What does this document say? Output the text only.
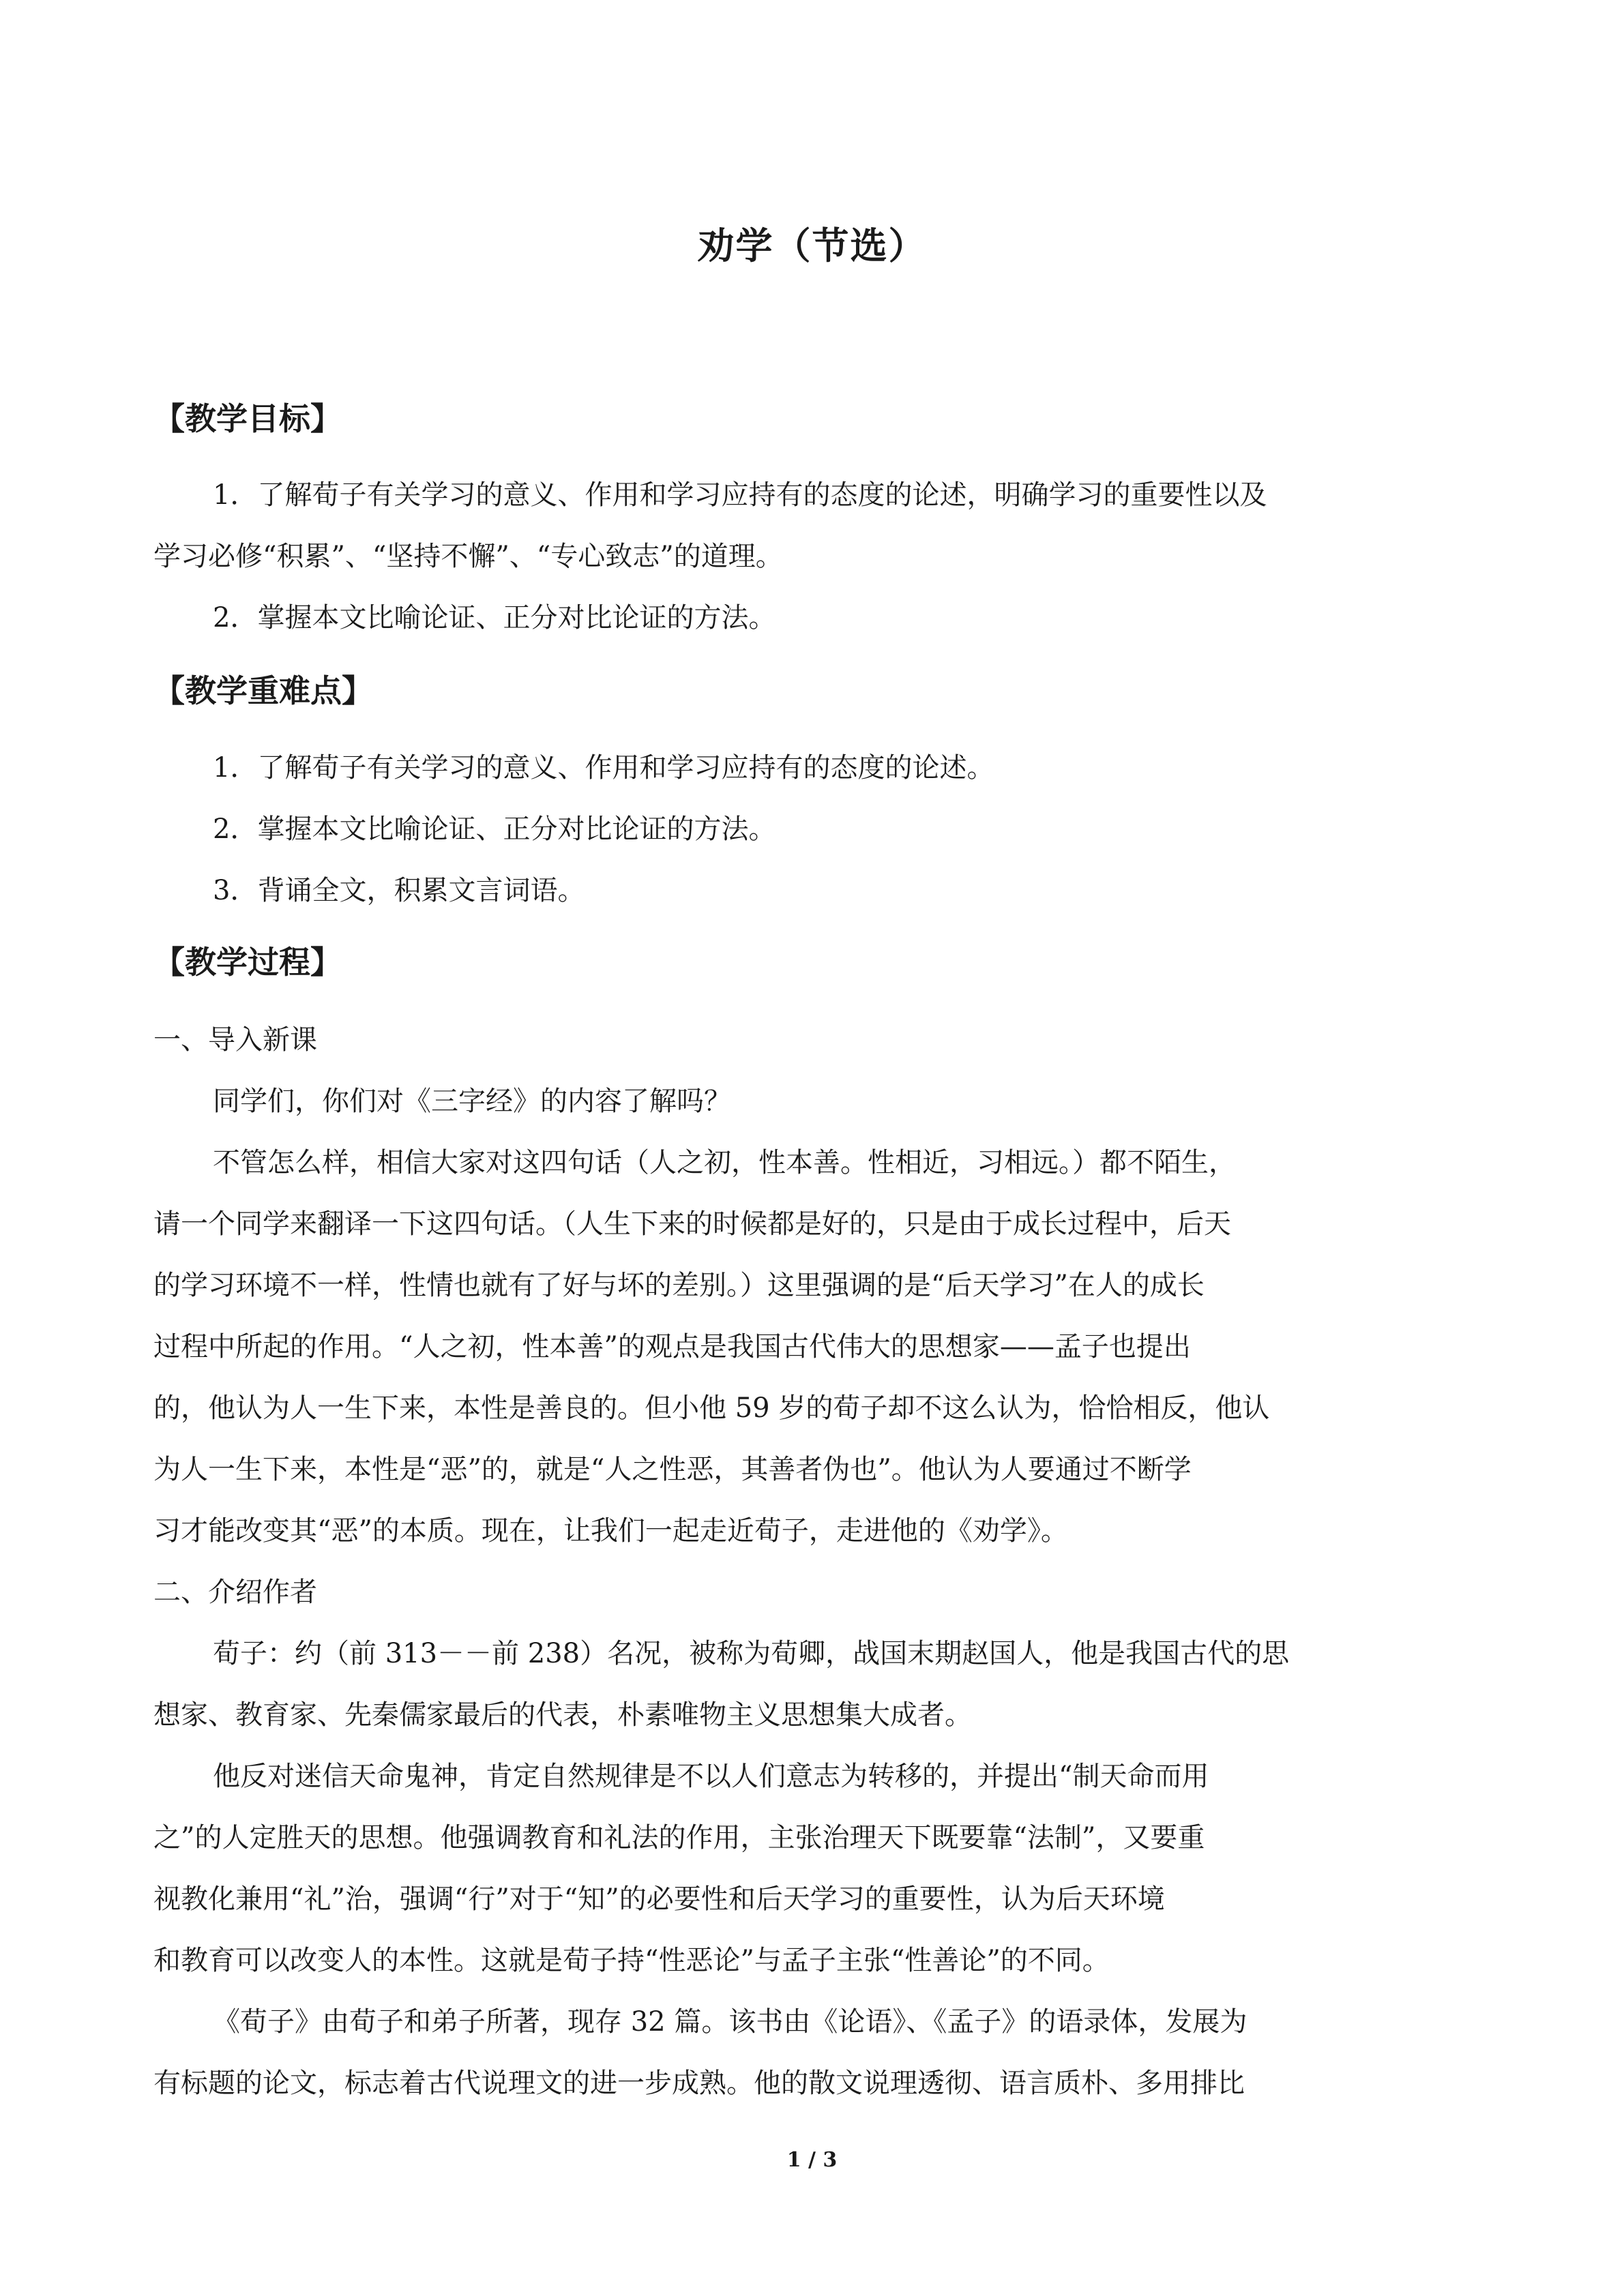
劝学（节选）
【教学目标】
1．了解荀子有关学习的意义、作用和学习应持有的态度的论述，明确学习的重要性以及
学习必修“积累”、“坚持不懈”、“专心致志”的道理。
2．掌握本文比喻论证、正分对比论证的方法。
【教学重难点】
1．了解荀子有关学习的意义、作用和学习应持有的态度的论述。
2．掌握本文比喻论证、正分对比论证的方法。
3．背诵全文，积累文言词语。
【教学过程】
一、导入新课
同学们，你们对《三字经》的内容了解吗？
不管怎么样，相信大家对这四句话（人之初，性本善。性相近，习相远。）都不陌生，
请一个同学来翻译一下这四句话。（人生下来的时候都是好的，只是由于成长过程中，后天
的学习环境不一样，性情也就有了好与坏的差别。）这里强调的是“后天学习”在人的成长
过程中所起的作用。“人之初，性本善”的观点是我国古代伟大的思想家——孟子也提出
的，他认为人一生下来，本性是善良的。但小他 59 岁的荀子却不这么认为，恰恰相反，他认
为人一生下来，本性是“恶”的，就是“人之性恶，其善者伪也”。他认为人要通过不断学
习才能改变其“恶”的本质。现在，让我们一起走近荀子，走进他的《劝学》。
二、介绍作者
荀子：约（前 313－－前 238）名况，被称为荀卿，战国末期赵国人，他是我国古代的思
想家、教育家、先秦儒家最后的代表，朴素唯物主义思想集大成者。
他反对迷信天命鬼神，肯定自然规律是不以人们意志为转移的，并提出“制天命而用
之”的人定胜天的思想。他强调教育和礼法的作用，主张治理天下既要靠“法制”，又要重
视教化兼用“礼”治，强调“行”对于“知”的必要性和后天学习的重要性，认为后天环境
和教育可以改变人的本性。这就是荀子持“性恶论”与孟子主张“性善论”的不同。
《荀子》由荀子和弟子所著，现存 32 篇。该书由《论语》、《孟子》的语录体，发展为
有标题的论文，标志着古代说理文的进一步成熟。他的散文说理透彻、语言质朴、多用排比
1 / 3
